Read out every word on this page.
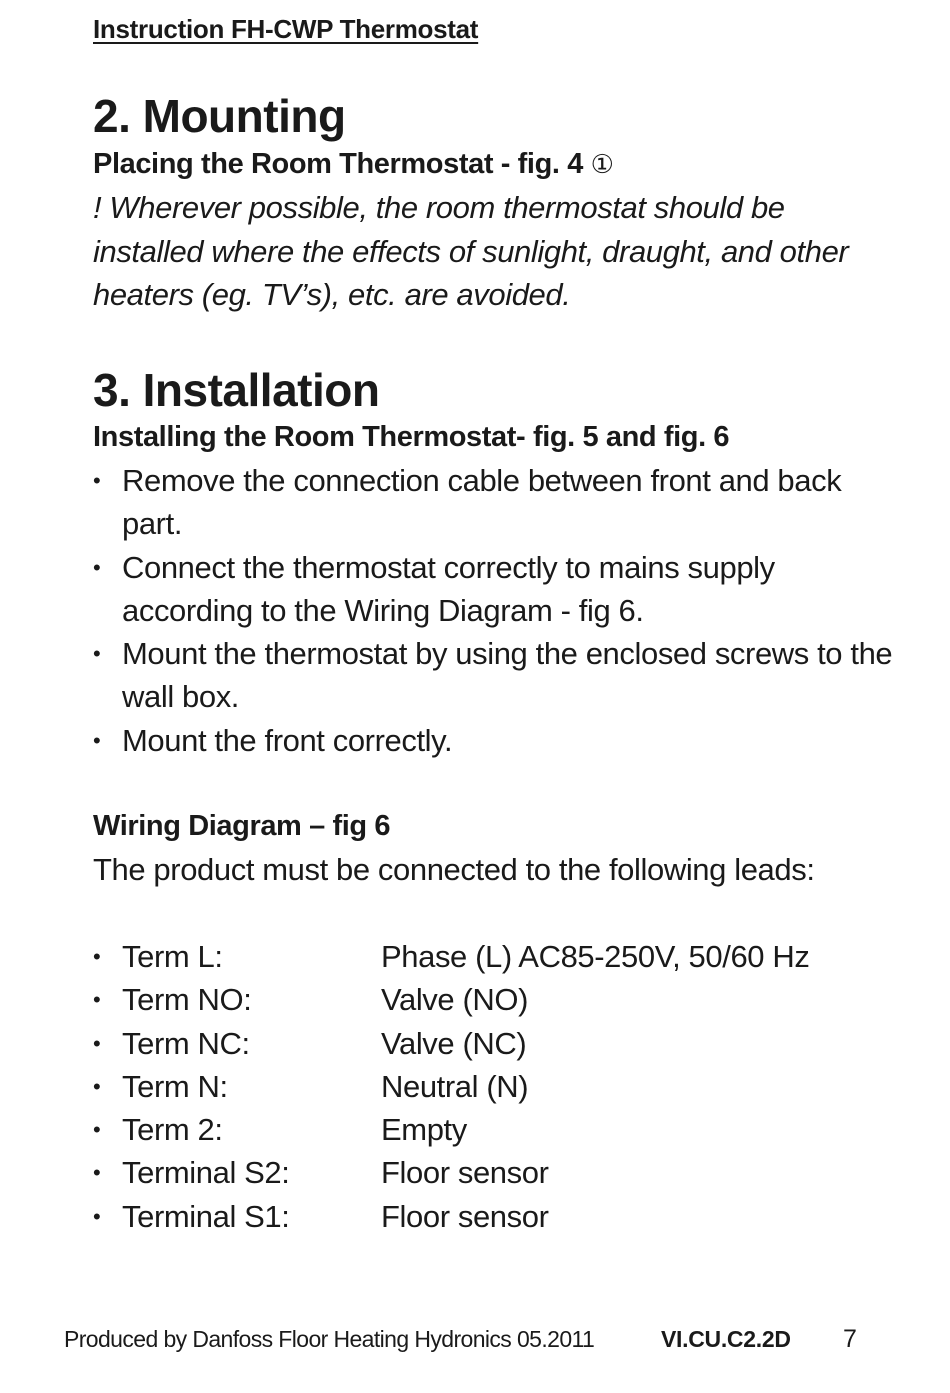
Instruction FH-CWP Thermostat
2. Mounting
Placing the Room Thermostat - fig. 4 ①
! Wherever possible, the room thermostat should be installed where the effects of sunlight, draught, and other heaters (eg. TV’s), etc. are avoided.
3. Installation
Installing the Room Thermostat- fig. 5 and fig. 6
• Remove the connection cable between front and back part.
• Connect the thermostat correctly to mains supply according to the Wiring Diagram - fig 6.
• Mount the thermostat by using the enclosed screws to the wall box.
• Mount the front correctly.
Wiring Diagram – fig 6
The product must be connected to the following leads:
• Term L:	Phase (L) AC85-250V, 50/60 Hz
• Term NO:	Valve (NO)
• Term NC:	Valve (NC)
• Term N:	Neutral (N)
• Term 2:	Empty
• Terminal S2:	Floor sensor
• Terminal S1:	Floor sensor
Produced by Danfoss Floor Heating Hydronics 05.2011	VI.CU.C2.2D 7
